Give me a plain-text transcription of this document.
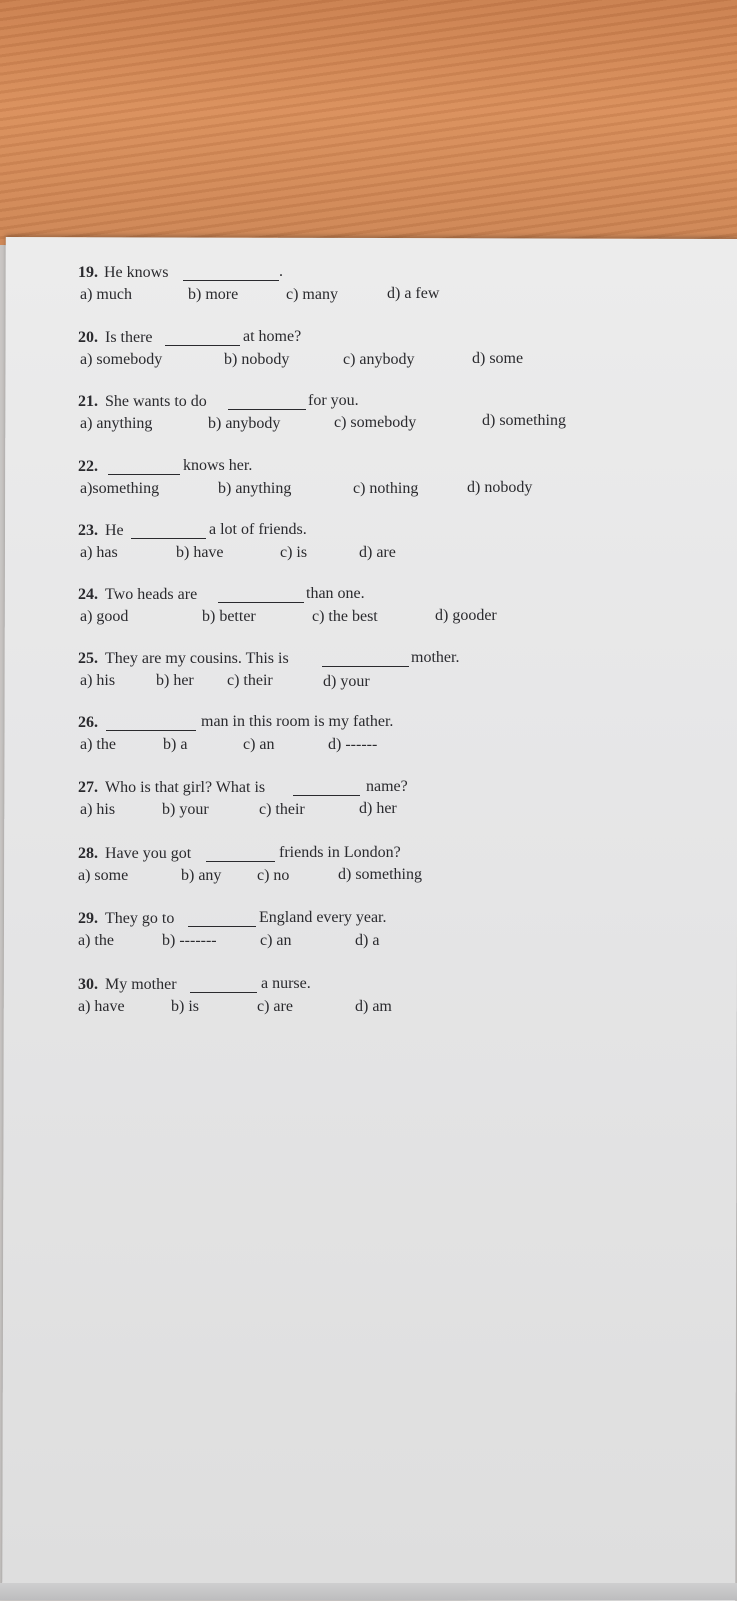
19. He knows	.
a) much	b) more	c) many	d) a few
20. Is there	at home?
a) somebody	b) nobody	c) anybody	d) some
21. She wants to do	for you.
a) anything	b) anybody	c) somebody	d) something
22.	knows her.
a)something	b) anything	c) nothing	d) nobody
23. He	a lot of friends.
a) has	b) have	c) is	d) are
24. Two heads are	than one.
a) good	b) better	c) the best	d) gooder
25. They are my cousins. This is	mother.
a) his	b) her c) their	d) your
26.	man in this room is my father.
a) the	b) a	c) an	d) ------
27. Who is that girl? What is	name?
a) his	b) your	c) their	d) her
28. Have you got	friends in London?
a) some	b) any c) no	d) something
29. They go to	England every year.
a) the	b) -------	c) an	d) a
30. My mother	a nurse.
a) have	b) is	c) are	d) am
